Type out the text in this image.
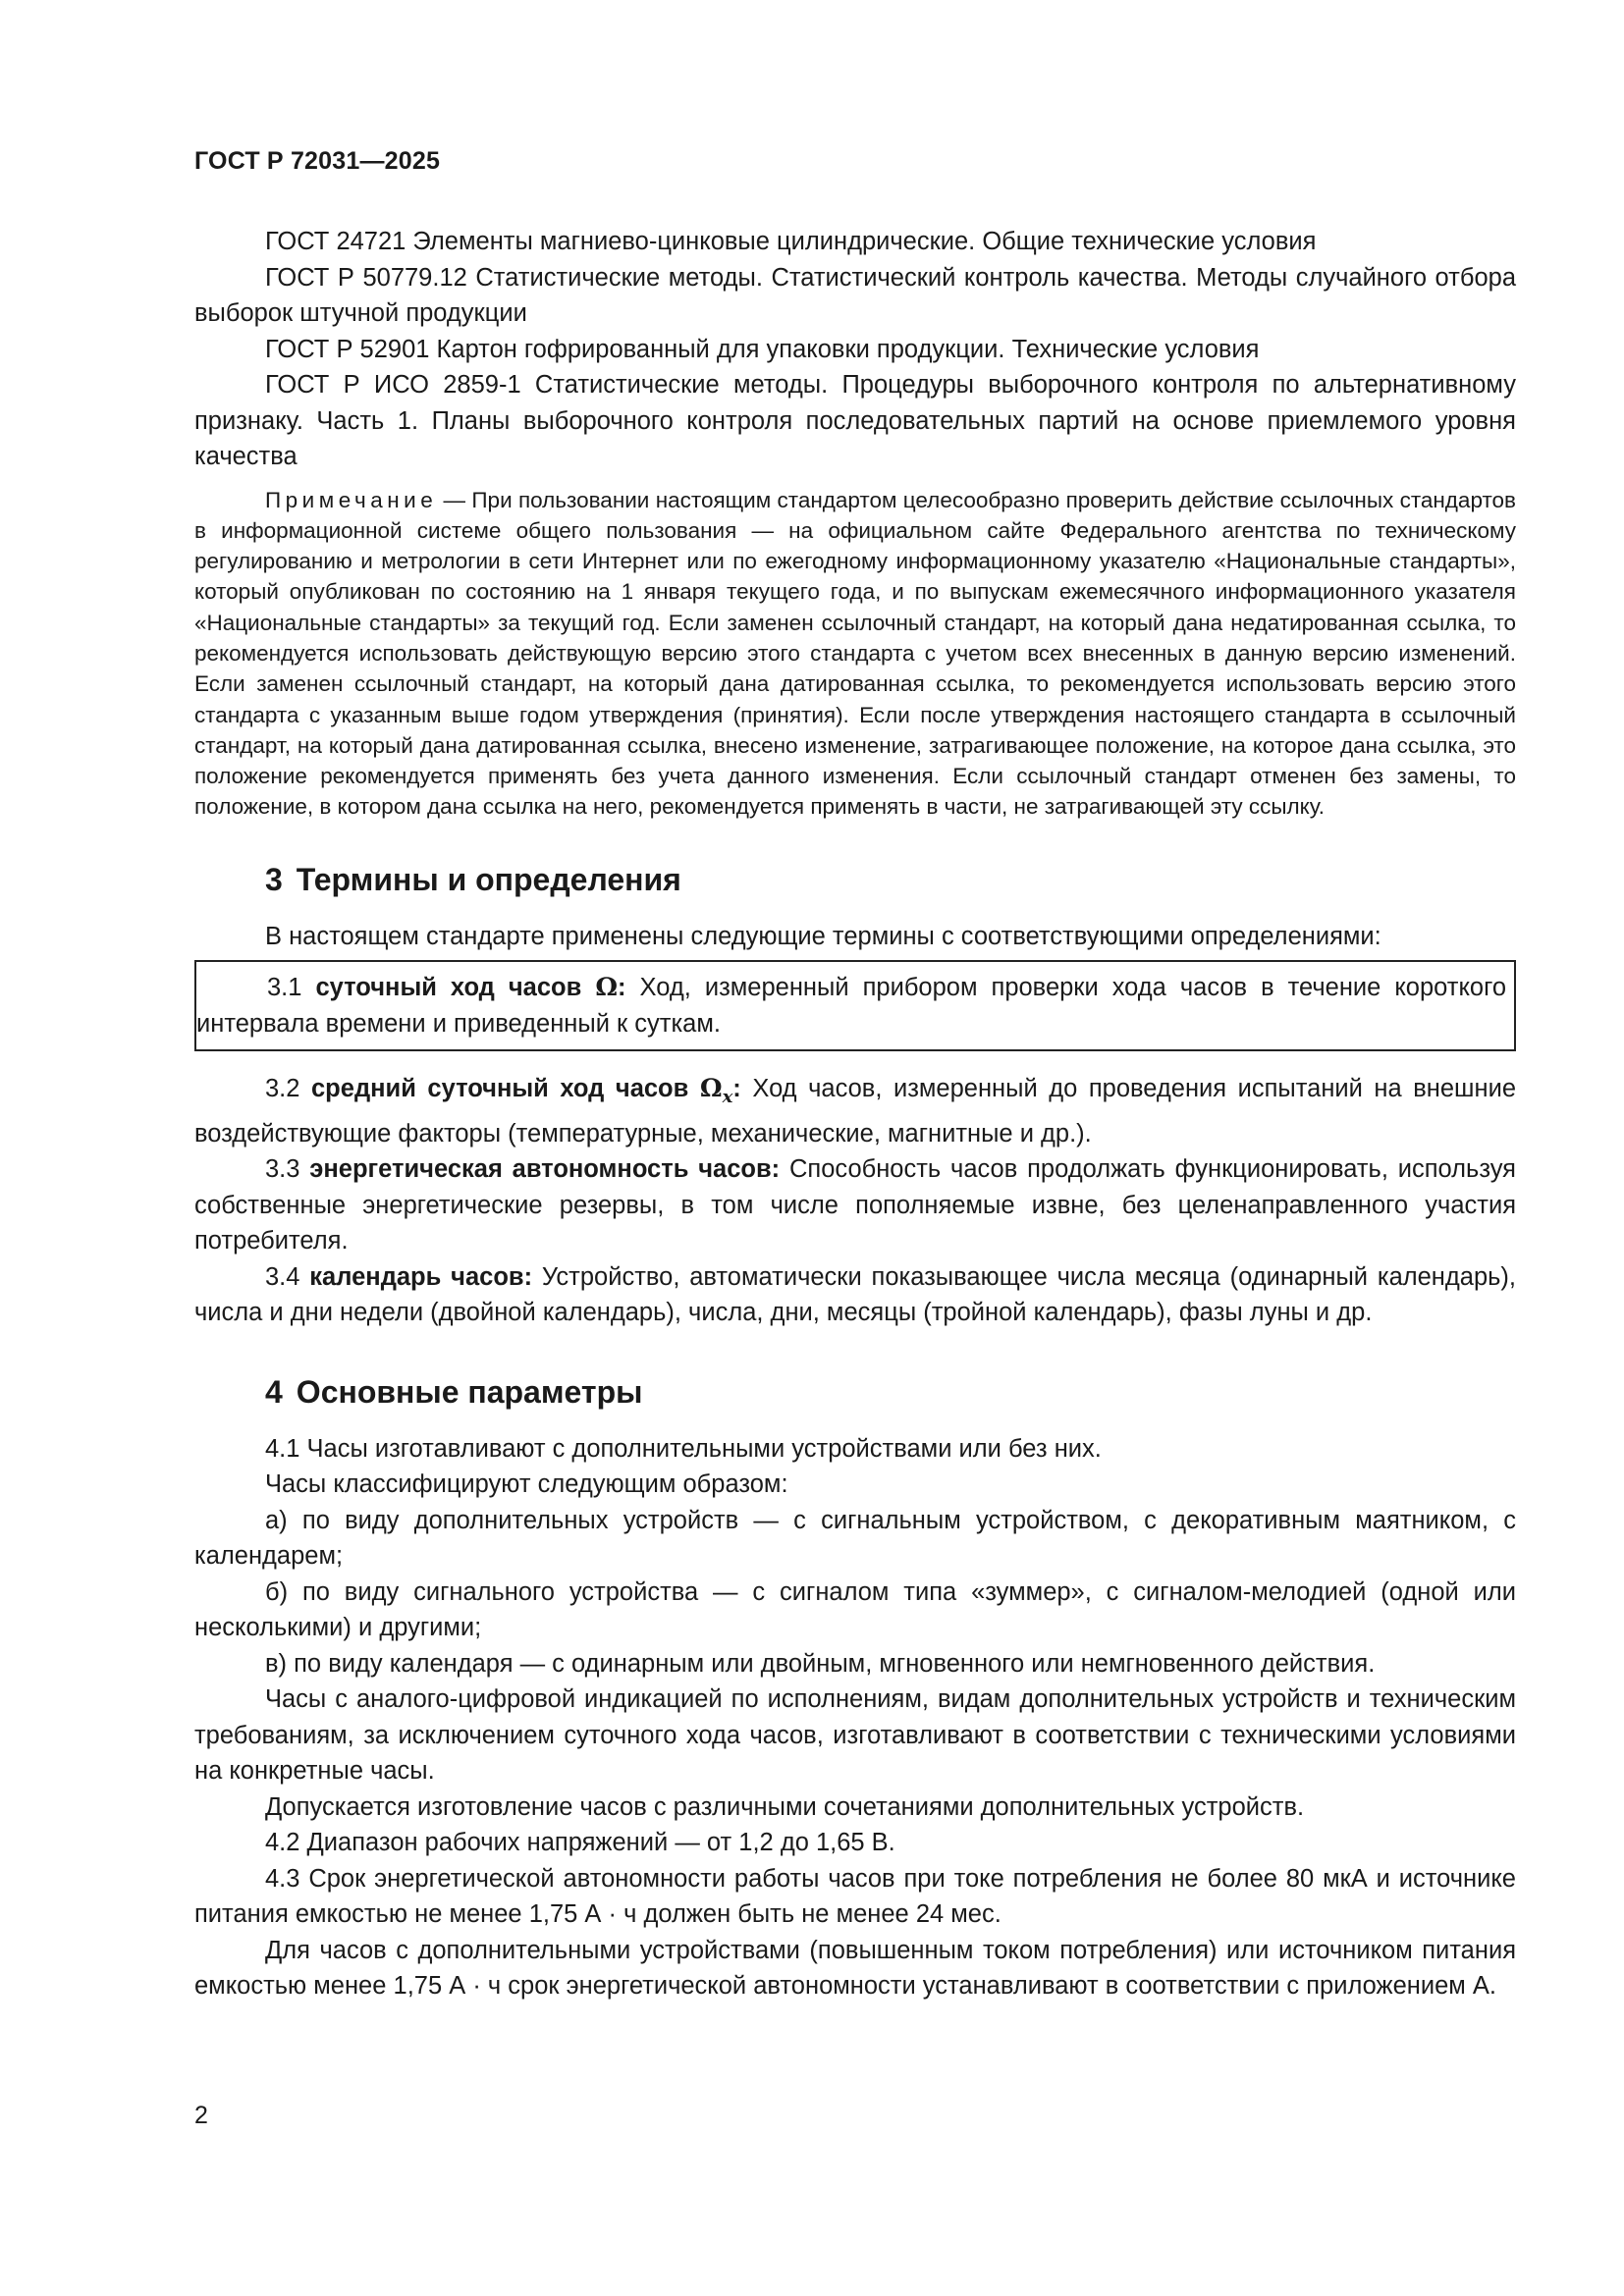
ГОСТ Р 72031—2025

ГОСТ 24721 Элементы магниево-цинковые цилиндрические. Общие технические условия

ГОСТ Р 50779.12 Статистические методы. Статистический контроль качества. Методы случайного отбора выборок штучной продукции

ГОСТ Р 52901 Картон гофрированный для упаковки продукции. Технические условия

ГОСТ Р ИСО 2859-1 Статистические методы. Процедуры выборочного контроля по альтернативному признаку. Часть 1. Планы выборочного контроля последовательных партий на основе приемлемого уровня качества

Примечание — При пользовании настоящим стандартом целесообразно проверить действие ссылочных стандартов в информационной системе общего пользования — на официальном сайте Федерального агентства по техническому регулированию и метрологии в сети Интернет или по ежегодному информационному указателю «Национальные стандарты», который опубликован по состоянию на 1 января текущего года, и по выпускам ежемесячного информационного указателя «Национальные стандарты» за текущий год. Если заменен ссылочный стандарт, на который дана недатированная ссылка, то рекомендуется использовать действующую версию этого стандарта с учетом всех внесенных в данную версию изменений. Если заменен ссылочный стандарт, на который дана датированная ссылка, то рекомендуется использовать версию этого стандарта с указанным выше годом утверждения (принятия). Если после утверждения настоящего стандарта в ссылочный стандарт, на который дана датированная ссылка, внесено изменение, затрагивающее положение, на которое дана ссылка, это положение рекомендуется применять без учета данного изменения. Если ссылочный стандарт отменен без замены, то положение, в котором дана ссылка на него, рекомендуется применять в части, не затрагивающей эту ссылку.

3 Термины и определения

В настоящем стандарте применены следующие термины с соответствующими определениями:

3.1 суточный ход часов Ω: Ход, измеренный прибором проверки хода часов в течение короткого интервала времени и приведенный к суткам.

3.2 средний суточный ход часов $\Omega_x$: Ход часов, измеренный до проведения испытаний на внешние воздействующие факторы (температурные, механические, магнитные и др.).

3.3 энергетическая автономность часов: Способность часов продолжать функционировать, используя собственные энергетические резервы, в том числе пополняемые извне, без целенаправленного участия потребителя.

3.4 календарь часов: Устройство, автоматически показывающее числа месяца (одинарный календарь), числа и дни недели (двойной календарь), числа, дни, месяцы (тройной календарь), фазы луны и др.

4 Основные параметры

4.1 Часы изготавливают с дополнительными устройствами или без них.

Часы классифицируют следующим образом:

а) по виду дополнительных устройств — с сигнальным устройством, с декоративным маятником, с календарем;

б) по виду сигнального устройства — с сигналом типа «зуммер», с сигналом-мелодией (одной или несколькими) и другими;

в) по виду календаря — с одинарным или двойным, мгновенного или немгновенного действия.

Часы с аналого-цифровой индикацией по исполнениям, видам дополнительных устройств и техническим требованиям, за исключением суточного хода часов, изготавливают в соответствии с техническими условиями на конкретные часы.

Допускается изготовление часов с различными сочетаниями дополнительных устройств.

4.2 Диапазон рабочих напряжений — от 1,2 до 1,65 В.

4.3 Срок энергетической автономности работы часов при токе потребления не более 80 мкА и источнике питания емкостью не менее 1,75 А · ч должен быть не менее 24 мес.

Для часов с дополнительными устройствами (повышенным током потребления) или источником питания емкостью менее 1,75 А · ч срок энергетической автономности устанавливают в соответствии с приложением А.

2
